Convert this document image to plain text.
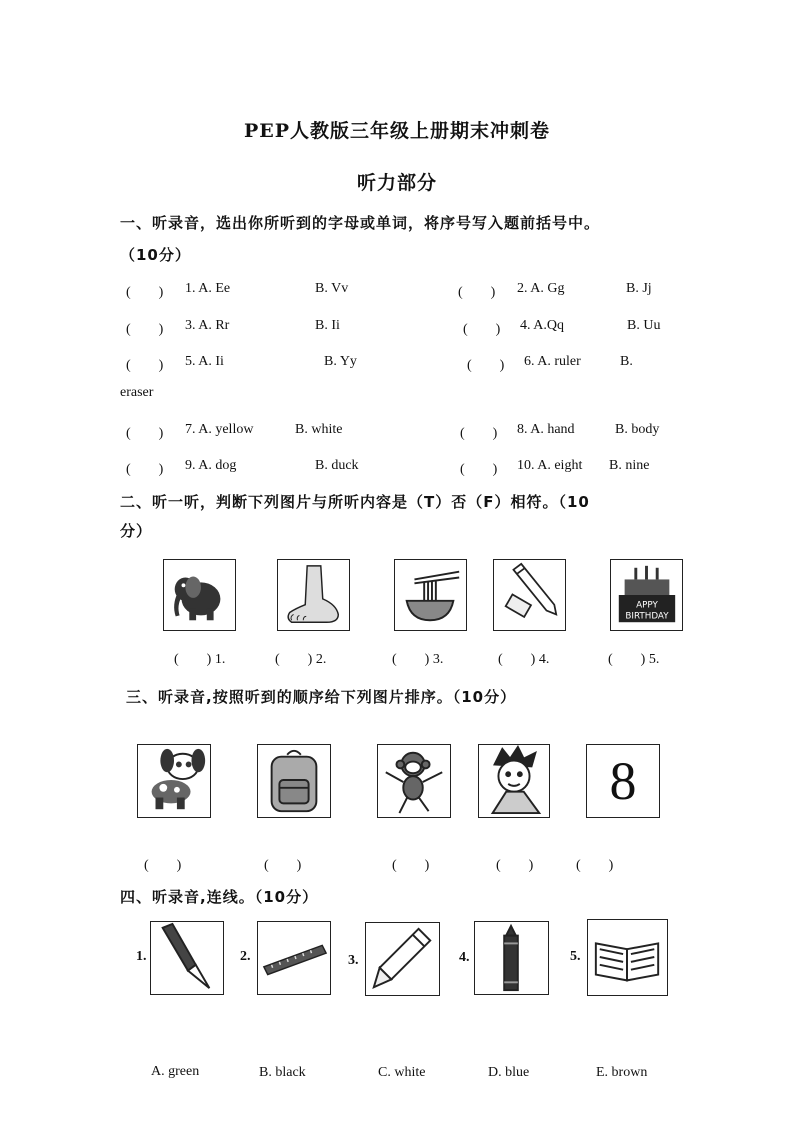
PEP人教版三年级上册期末冲刺卷
听力部分
一、听录音，选出你所听到的字母或单词，将序号写入题前括号中。
（10分）
(　　) 1. A. Ee	B. Vv	(　　) 2. A. Gg	B. Jj
(　　) 3. A. Rr	B. Ii	(　　) 4. A.Qq	B. Uu
(　　) 5. A. Ii	B. Yy	(　　) 6. A. ruler	B.
eraser
(　　) 7. A. yellow	B. white	(　　) 8. A. hand	B. body
(　　) 9. A. dog	B. duck	(　　) 10. A. eight B. nine
二、听一听，判断下列图片与所听内容是（T）否（F）相符。（10
分）
APPY
BIRTHDAY
(　　) 1.	(　　) 2.	(　　) 3.	(　　) 4.	(　　) 5.
三、听录音,按照听到的顺序给下列图片排序。（10分）
8
(　　)	(　　)	(　　)	(　　)	(　　)
四、听录音,连线。（10分）
1.	2.	3.	4.	5.
A. green	B. black	C. white	D. blue	E. brown
